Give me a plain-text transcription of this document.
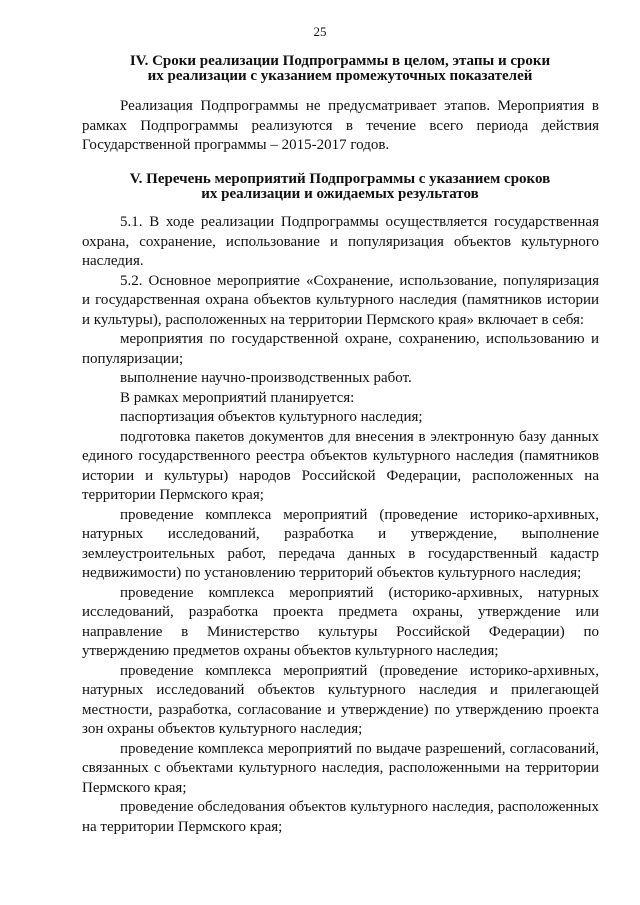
25
IV. Сроки реализации Подпрограммы в целом, этапы и сроки
их реализации с указанием промежуточных показателей

Реализация Подпрограммы не предусматривает этапов. Мероприятия в рамках Подпрограммы реализуются в течение всего периода действия Государственной программы – 2015-2017 годов.

V. Перечень мероприятий Подпрограммы с указанием сроков
их реализации и ожидаемых результатов

5.1. В ходе реализации Подпрограммы осуществляется государственная охрана, сохранение, использование и популяризация объектов культурного наследия.

5.2. Основное мероприятие «Сохранение, использование, популяризация и государственная охрана объектов культурного наследия (памятников истории и культуры), расположенных на территории Пермского края» включает в себя:

мероприятия по государственной охране, сохранению, использованию и популяризации;

выполнение научно-производственных работ.

В рамках мероприятий планируется:

паспортизация объектов культурного наследия;

подготовка пакетов документов для внесения в электронную базу данных единого государственного реестра объектов культурного наследия (памятников истории и культуры) народов Российской Федерации, расположенных на территории Пермского края;

проведение комплекса мероприятий (проведение историко-архивных, натурных исследований, разработка и утверждение, выполнение землеустроительных работ, передача данных в государственный кадастр недвижимости) по установлению территорий объектов культурного наследия;

проведение комплекса мероприятий (историко-архивных, натурных исследований, разработка проекта предмета охраны, утверждение или направление в Министерство культуры Российской Федерации) по утверждению предметов охраны объектов культурного наследия;

проведение комплекса мероприятий (проведение историко-архивных, натурных исследований объектов культурного наследия и прилегающей местности, разработка, согласование и утверждение) по утверждению проекта зон охраны объектов культурного наследия;

проведение комплекса мероприятий по выдаче разрешений, согласований, связанных с объектами культурного наследия, расположенными на территории Пермского края;

проведение обследования объектов культурного наследия, расположенных на территории Пермского края;
